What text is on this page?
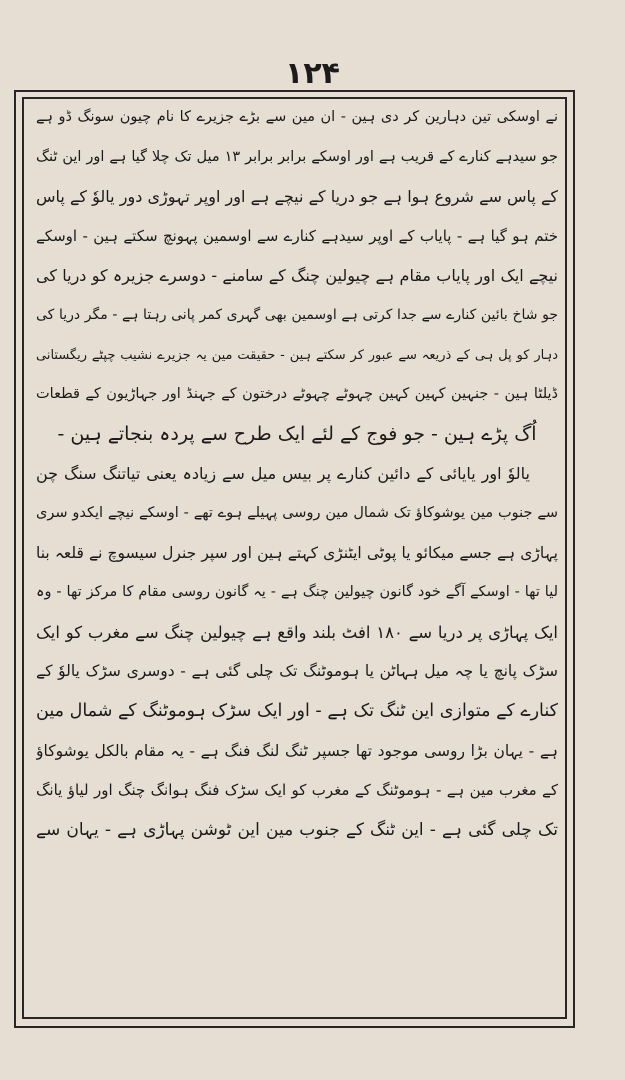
۱۲۴
نے اوسکی تین دہارین کر دی ہین - ان مین سے بڑے جزیرے کا نام چیون سونگ ڈو ہے
جو سیدہے کنارے کے قریب ہے اور اوسکے برابر برابر ۱۳ میل تک چلا گیا ہے اور این ٹنگ
کے پاس سے شروع ہوا ہے جو دریا کے نیچے ہے اور اوپر تہوڑی دور یالوٗ کے پاس
ختم ہو گیا ہے - پایاب کے اوپر سیدہے کنارے سے اوسمین پہونچ سکتے ہین - اوسکے
نیچے ایک اور پایاب مقام ہے چیولین چنگ کے سامنے - دوسرے جزیرہ کو دریا کی
جو شاخ بائین کنارے سے جدا کرتی ہے اوسمین بھی گہری کمر پانی رہتا ہے - مگر دریا کی
دہار کو پل ہی کے ذریعہ سے عبور کر سکتے ہین - حقیقت مین یہ جزیرے نشیب چپٹے ریگستانی
ڈیلٹا ہین - جنہین کہین کہین چہوٹے چہوٹے درختون کے جہنڈ اور جہاڑیون کے قطعات
اُگ پڑے ہین - جو فوج کے لئے ایک طرح سے پردہ بنجاتے ہین -
یالوٗ اور یایائی کے دائین کنارے پر بیس میل سے زیادہ یعنی تیاتنگ سنگ چن
سے جنوب مین یوشوکاؤ تک شمال مین روسی پہیلے ہوے تھے - اوسکے نیچے ایکدو سری
پہاڑی ہے جسے میکائو یا پوٹی ایٹنڑی کہتے ہین اور سپر جنرل سیسوچ نے قلعہ بنا
لیا تھا - اوسکے آگے خود گانون چیولین چنگ ہے - یہ گانون روسی مقام کا مرکز تھا - وہ
ایک پہاڑی پر دریا سے ۱۸۰ افٹ بلند واقع ہے چیولین چنگ سے مغرب کو ایک
سڑک پانچ یا چہ میل ہہاٹن یا ہوموٹنگ تک چلی گئی ہے - دوسری سڑک یالوٗ کے
کنارے کے متوازی این ٹنگ تک ہے - اور ایک سڑک ہوموٹنگ کے شمال مین
ہے - یہان بڑا روسی موجود تھا جسپر ٹنگ لنگ فنگ ہے - یہ مقام بالکل یوشوکاؤ
کے مغرب مین ہے - ہوموٹنگ کے مغرب کو ایک سڑک فنگ ہوانگ چنگ اور لیاؤ یانگ
تک چلی گئی ہے - این ٹنگ کے جنوب مین این ٹوشن پہاڑی ہے - یہان سے
